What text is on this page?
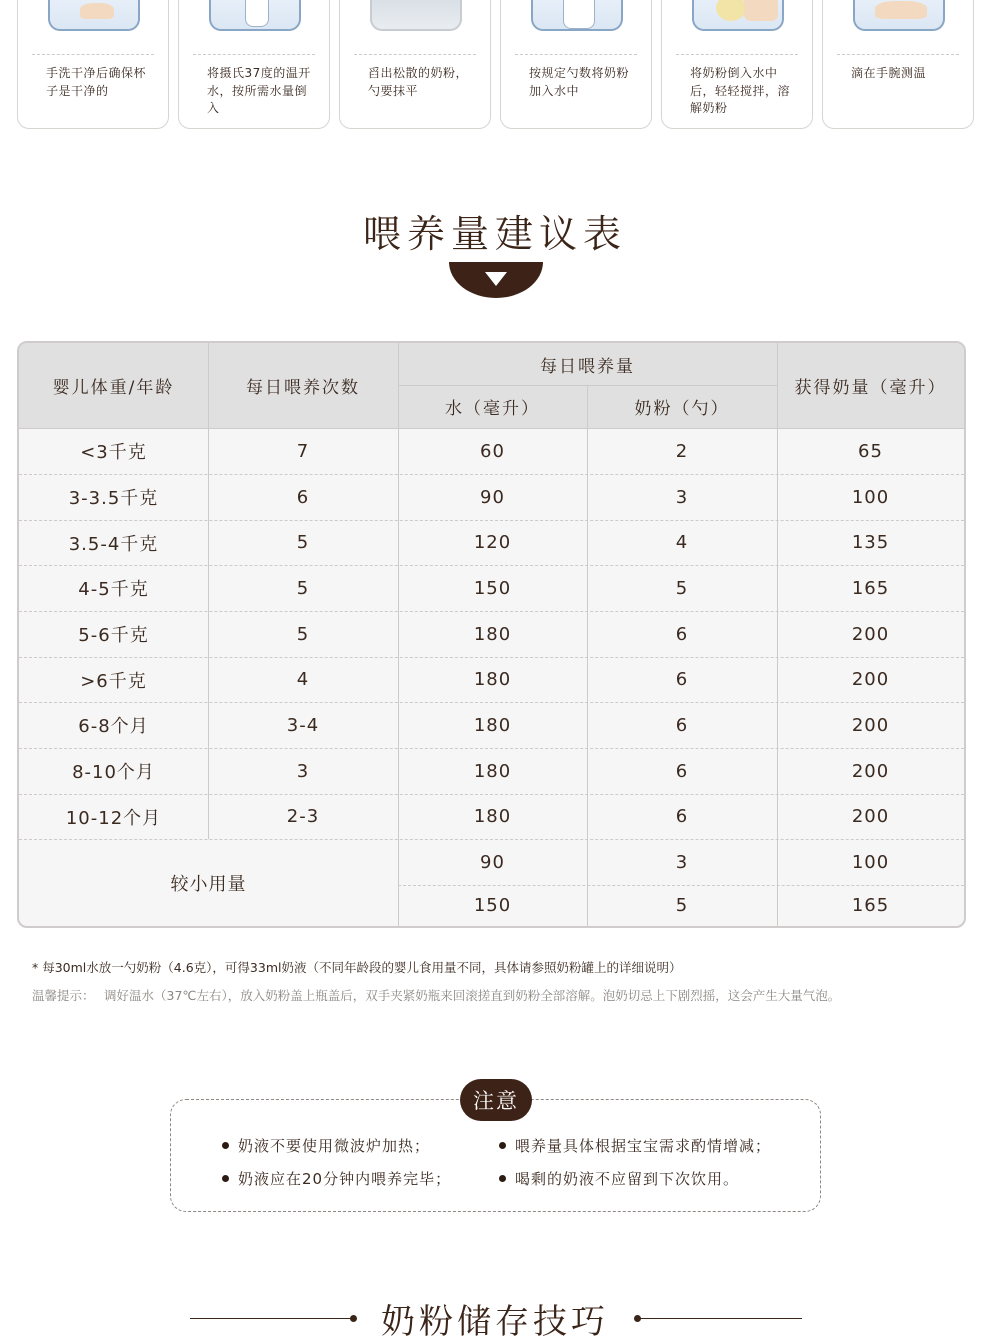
手洗干净后确保杯子是干净的
将摄氏37度的温开水，按所需水量倒入
舀出松散的奶粉，勺要抹平
按规定勺数将奶粉加入水中
将奶粉倒入水中后，轻轻搅拌，溶解奶粉
滴在手腕测温
喂养量建议表
婴儿体重/年龄	每日喂养次数
每日喂养量
水（毫升）	奶粉（勺）
获得奶量（毫升）
<3千克	7	60	2	65
3-3.5千克	6	90	3	100
3.5-4千克	5	120	4	135
4-5千克	5	150	5	165
5-6千克	5	180	6	200
>6千克	4	180	6	200
6-8个月	3-4	180	6	200
8-10个月	3	180	6	200
10-12个月	2-3	180	6	200
较小用量
90	3	100
150	5	165
* 每30ml水放一勺奶粉（4.6克），可得33ml奶液（不同年龄段的婴儿食用量不同，具体请参照奶粉罐上的详细说明）
温馨提示： 调好温水（37℃左右），放入奶粉盖上瓶盖后，双手夹紧奶瓶来回滚搓直到奶粉全部溶解。泡奶切忌上下剧烈摇，这会产生大量气泡。
注意
奶液不要使用微波炉加热；	喂养量具体根据宝宝需求酌情增减；
奶液应在20分钟内喂养完毕；	喝剩的奶液不应留到下次饮用。
奶粉储存技巧
